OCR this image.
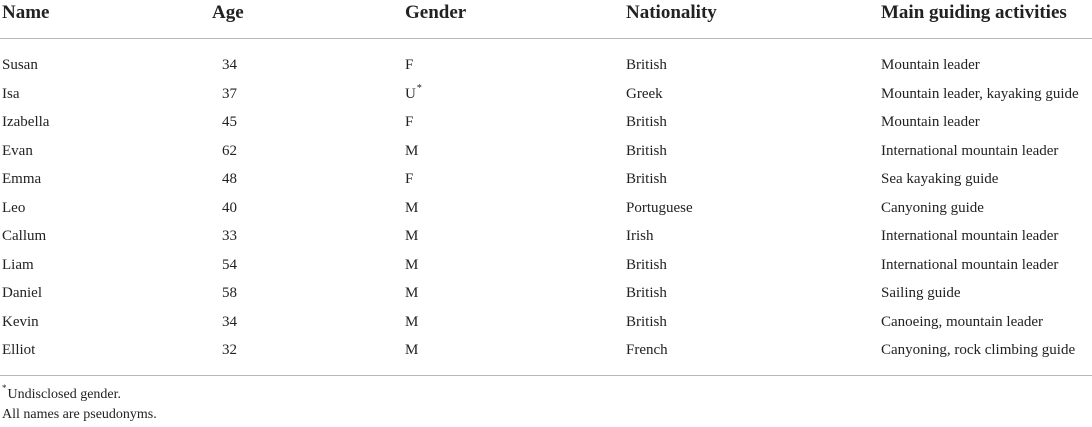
Name	Age	Gender	Nationality	Main guiding activities
Susan	34	F	British	Mountain leader
Isa	37	U*	Greek	Mountain leader, kayaking guide
Izabella	45	F	British	Mountain leader
Evan	62	M	British	International mountain leader
Emma	48	F	British	Sea kayaking guide
Leo	40	M	Portuguese	Canyoning guide
Callum	33	M	Irish	International mountain leader
Liam	54	M	British	International mountain leader
Daniel	58	M	British	Sailing guide
Kevin	34	M	British	Canoeing, mountain leader
Elliot	32	M	French	Canyoning, rock climbing guide
*Undisclosed gender.
All names are pseudonyms.
